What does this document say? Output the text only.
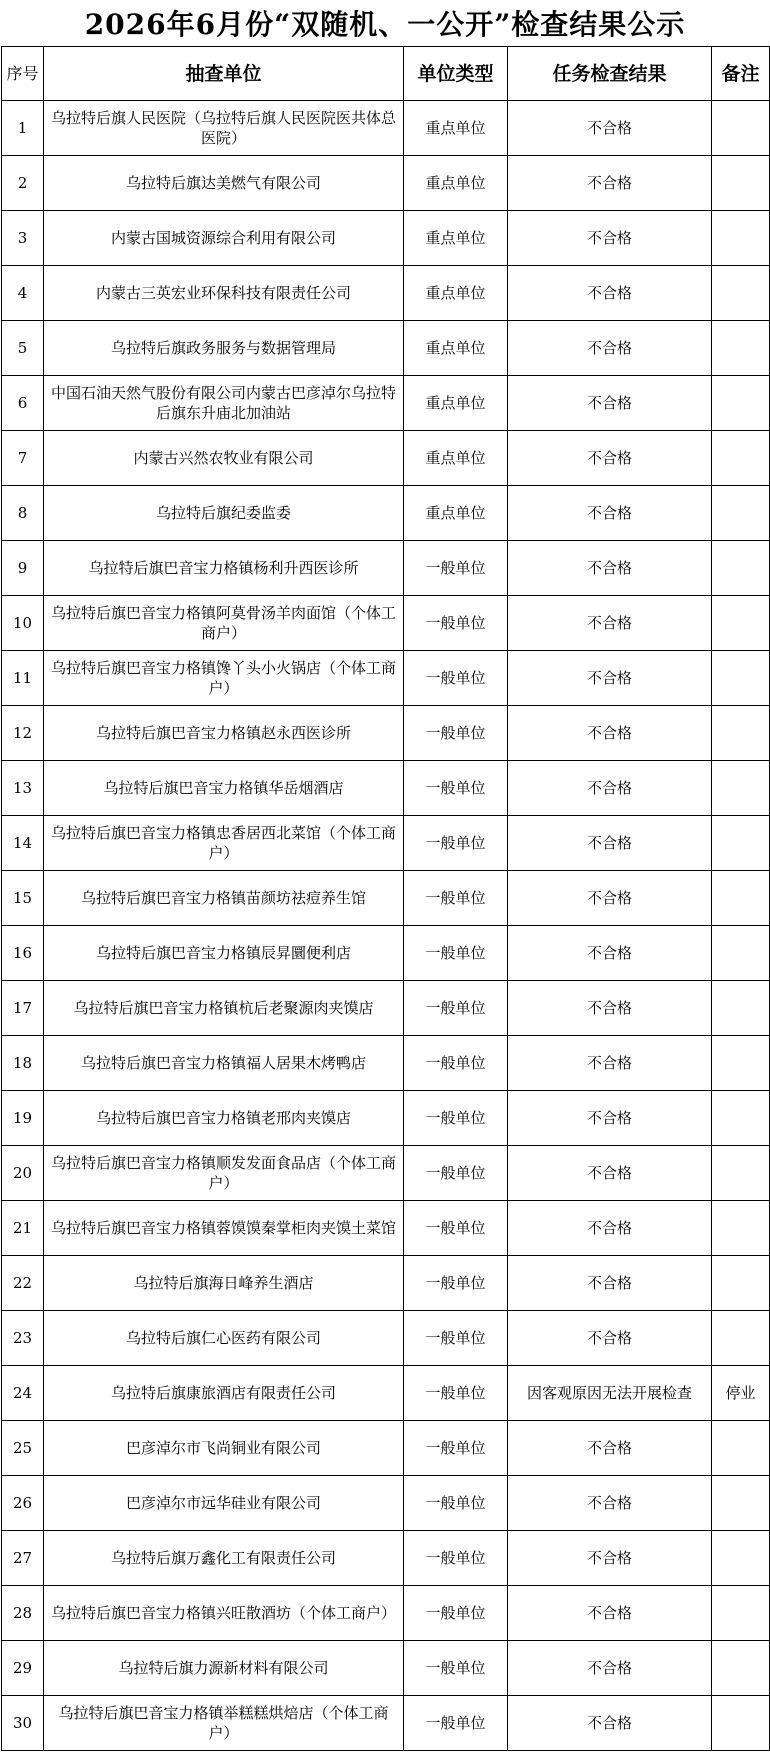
2026年6月份“双随机、一公开”检查结果公示
序号	抽查单位	单位类型	任务检查结果	备注
1	乌拉特后旗人民医院（乌拉特后旗人民医院医共体总医院）	重点单位	不合格	
2	乌拉特后旗达美燃气有限公司	重点单位	不合格	
3	内蒙古国城资源综合利用有限公司	重点单位	不合格	
4	内蒙古三英宏业环保科技有限责任公司	重点单位	不合格	
5	乌拉特后旗政务服务与数据管理局	重点单位	不合格	
6	中国石油天然气股份有限公司内蒙古巴彦淖尔乌拉特后旗东升庙北加油站	重点单位	不合格	
7	内蒙古兴然农牧业有限公司	重点单位	不合格	
8	乌拉特后旗纪委监委	重点单位	不合格	
9	乌拉特后旗巴音宝力格镇杨利升西医诊所	一般单位	不合格	
10	乌拉特后旗巴音宝力格镇阿莫骨汤羊肉面馆（个体工商户）	一般单位	不合格	
11	乌拉特后旗巴音宝力格镇馋丫头小火锅店（个体工商户）	一般单位	不合格	
12	乌拉特后旗巴音宝力格镇赵永西医诊所	一般单位	不合格	
13	乌拉特后旗巴音宝力格镇华岳烟酒店	一般单位	不合格	
14	乌拉特后旗巴音宝力格镇忠香居西北菜馆（个体工商户）	一般单位	不合格	
15	乌拉特后旗巴音宝力格镇苗颜坊祛痘养生馆	一般单位	不合格	
16	乌拉特后旗巴音宝力格镇辰昇圜便利店	一般单位	不合格	
17	乌拉特后旗巴音宝力格镇杭后老聚源肉夹馍店	一般单位	不合格	
18	乌拉特后旗巴音宝力格镇福人居果木烤鸭店	一般单位	不合格	
19	乌拉特后旗巴音宝力格镇老邢肉夹馍店	一般单位	不合格	
20	乌拉特后旗巴音宝力格镇顺发发面食品店（个体工商户）	一般单位	不合格	
21	乌拉特后旗巴音宝力格镇蓉馍馍秦掌柜肉夹馍土菜馆	一般单位	不合格	
22	乌拉特后旗海日峰养生酒店	一般单位	不合格	
23	乌拉特后旗仁心医药有限公司	一般单位	不合格	
24	乌拉特后旗康旅酒店有限责任公司	一般单位	因客观原因无法开展检查	停业
25	巴彦淖尔市飞尚铜业有限公司	一般单位	不合格	
26	巴彦淖尔市远华硅业有限公司	一般单位	不合格	
27	乌拉特后旗万鑫化工有限责任公司	一般单位	不合格	
28	乌拉特后旗巴音宝力格镇兴旺散酒坊（个体工商户）	一般单位	不合格	
29	乌拉特后旗力源新材料有限公司	一般单位	不合格	
30	乌拉特后旗巴音宝力格镇举糕糕烘焙店（个体工商户）	一般单位	不合格	
